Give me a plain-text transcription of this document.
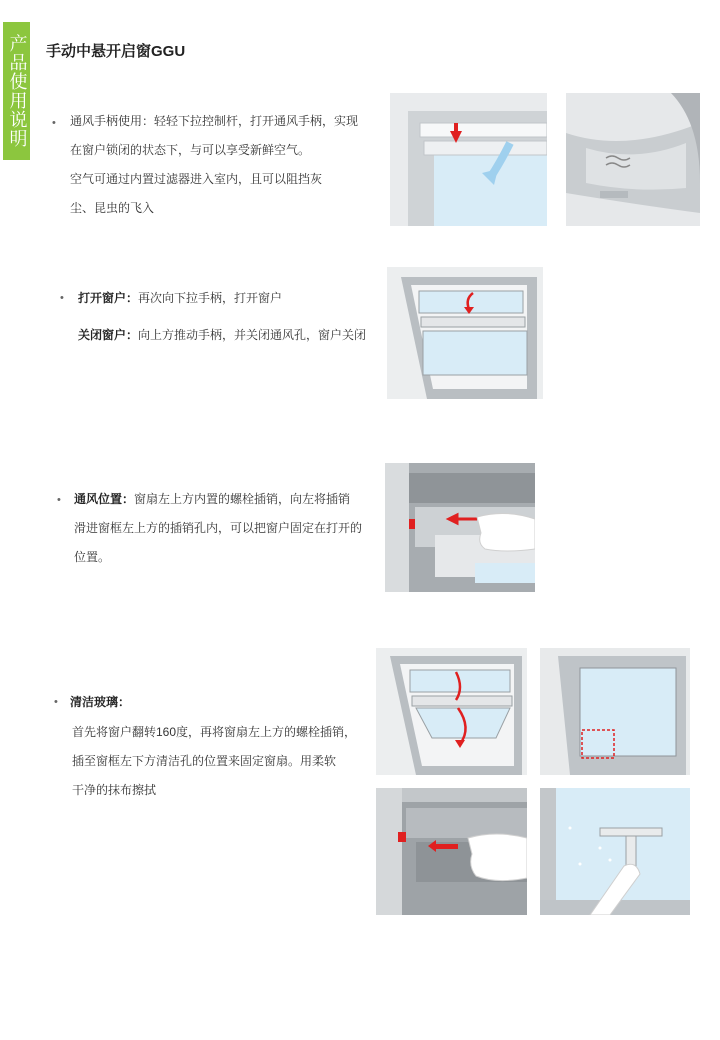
产品使用说明 手动中悬开启窗GGU
• 通风手柄使用：轻轻下拉控制杆，打开通风手柄，实现
在窗户锁闭的状态下，与可以享受新鲜空气。
空气可通过内置过滤器进入室内，且可以阻挡灰
尘、昆虫的飞入
• 打开窗户：再次向下拉手柄，打开窗户
关闭窗户：向上方推动手柄，并关闭通风孔，窗户关闭
• 通风位置：窗扇左上方内置的螺栓插销，向左将插销
滑进窗框左上方的插销孔内，可以把窗户固定在打开的
位置。
• 清洁玻璃：
首先将窗户翻转160度，再将窗扇左上方的螺栓插销，
插至窗框左下方清洁孔的位置来固定窗扇。用柔软
干净的抹布擦拭
